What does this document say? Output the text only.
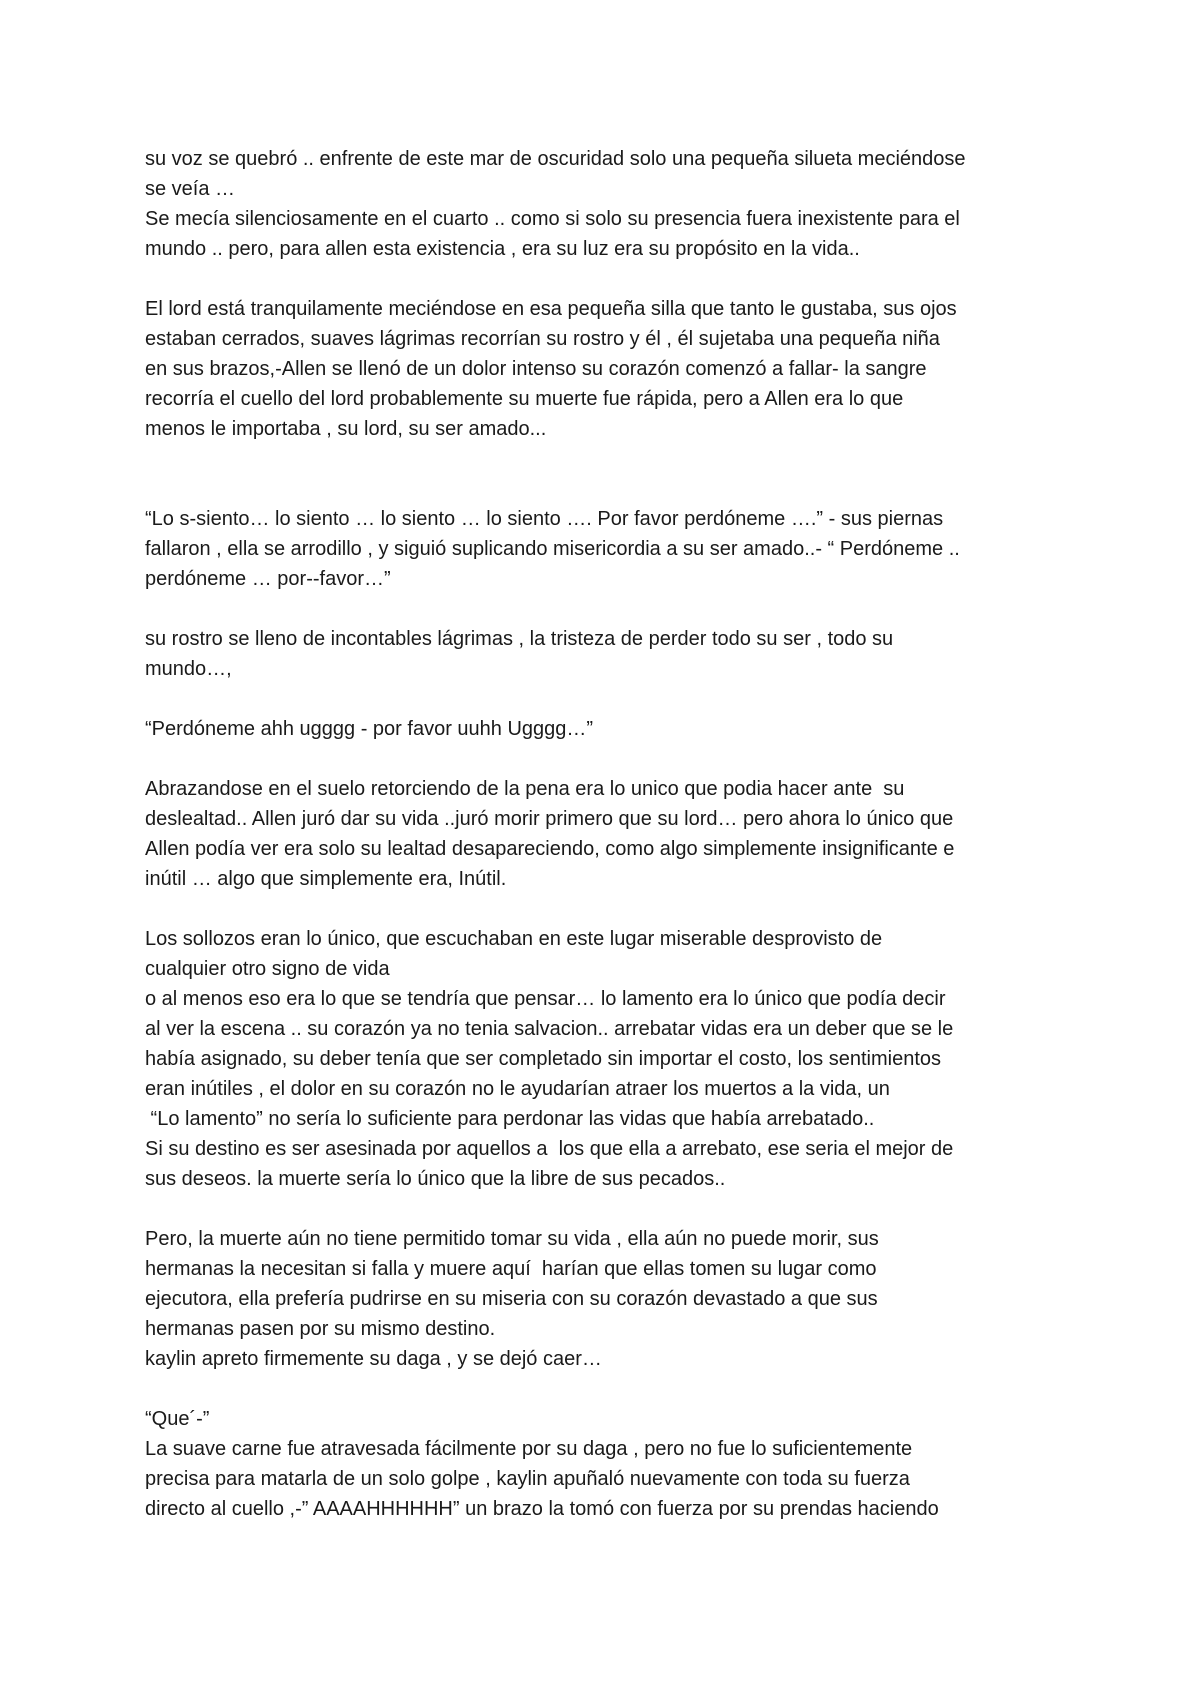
su voz se quebró .. enfrente de este mar de oscuridad solo una pequeña silueta meciéndose
se veía …
Se mecía silenciosamente en el cuarto .. como si solo su presencia fuera inexistente para el
mundo .. pero, para allen esta existencia , era su luz era su propósito en la vida..
El lord está tranquilamente meciéndose en esa pequeña silla que tanto le gustaba, sus ojos
estaban cerrados, suaves lágrimas recorrían su rostro y él , él sujetaba una pequeña niña
en sus brazos,-Allen se llenó de un dolor intenso su corazón comenzó a fallar- la sangre
recorría el cuello del lord probablemente su muerte fue rápida, pero a Allen era lo que
menos le importaba , su lord, su ser amado...
“Lo s-siento… lo siento … lo siento … lo siento …. Por favor perdóneme ….” - sus piernas
fallaron , ella se arrodillo , y siguió suplicando misericordia a su ser amado..- “ Perdóneme ..
perdóneme … por--favor…”
su rostro se lleno de incontables lágrimas , la tristeza de perder todo su ser , todo su
mundo…,
“Perdóneme ahh ugggg - por favor uuhh Ugggg…”
Abrazandose en el suelo retorciendo de la pena era lo unico que podia hacer ante  su
deslealtad.. Allen juró dar su vida ..juró morir primero que su lord… pero ahora lo único que
Allen podía ver era solo su lealtad desapareciendo, como algo simplemente insignificante e
inútil … algo que simplemente era, Inútil.
Los sollozos eran lo único, que escuchaban en este lugar miserable desprovisto de
cualquier otro signo de vida
o al menos eso era lo que se tendría que pensar… lo lamento era lo único que podía decir
al ver la escena .. su corazón ya no tenia salvacion.. arrebatar vidas era un deber que se le
había asignado, su deber tenía que ser completado sin importar el costo, los sentimientos
eran inútiles , el dolor en su corazón no le ayudarían atraer los muertos a la vida, un
“Lo lamento” no sería lo suficiente para perdonar las vidas que había arrebatado..
Si su destino es ser asesinada por aquellos a  los que ella a arrebato, ese seria el mejor de
sus deseos. la muerte sería lo único que la libre de sus pecados..
Pero, la muerte aún no tiene permitido tomar su vida , ella aún no puede morir, sus
hermanas la necesitan si falla y muere aquí  harían que ellas tomen su lugar como
ejecutora, ella prefería pudrirse en su miseria con su corazón devastado a que sus
hermanas pasen por su mismo destino.
kaylin apreto firmemente su daga , y se dejó caer…
“Que´-”
La suave carne fue atravesada fácilmente por su daga , pero no fue lo suficientemente
precisa para matarla de un solo golpe , kaylin apuñaló nuevamente con toda su fuerza
directo al cuello ,-” AAAAHHHHHH” un brazo la tomó con fuerza por su prendas haciendo
